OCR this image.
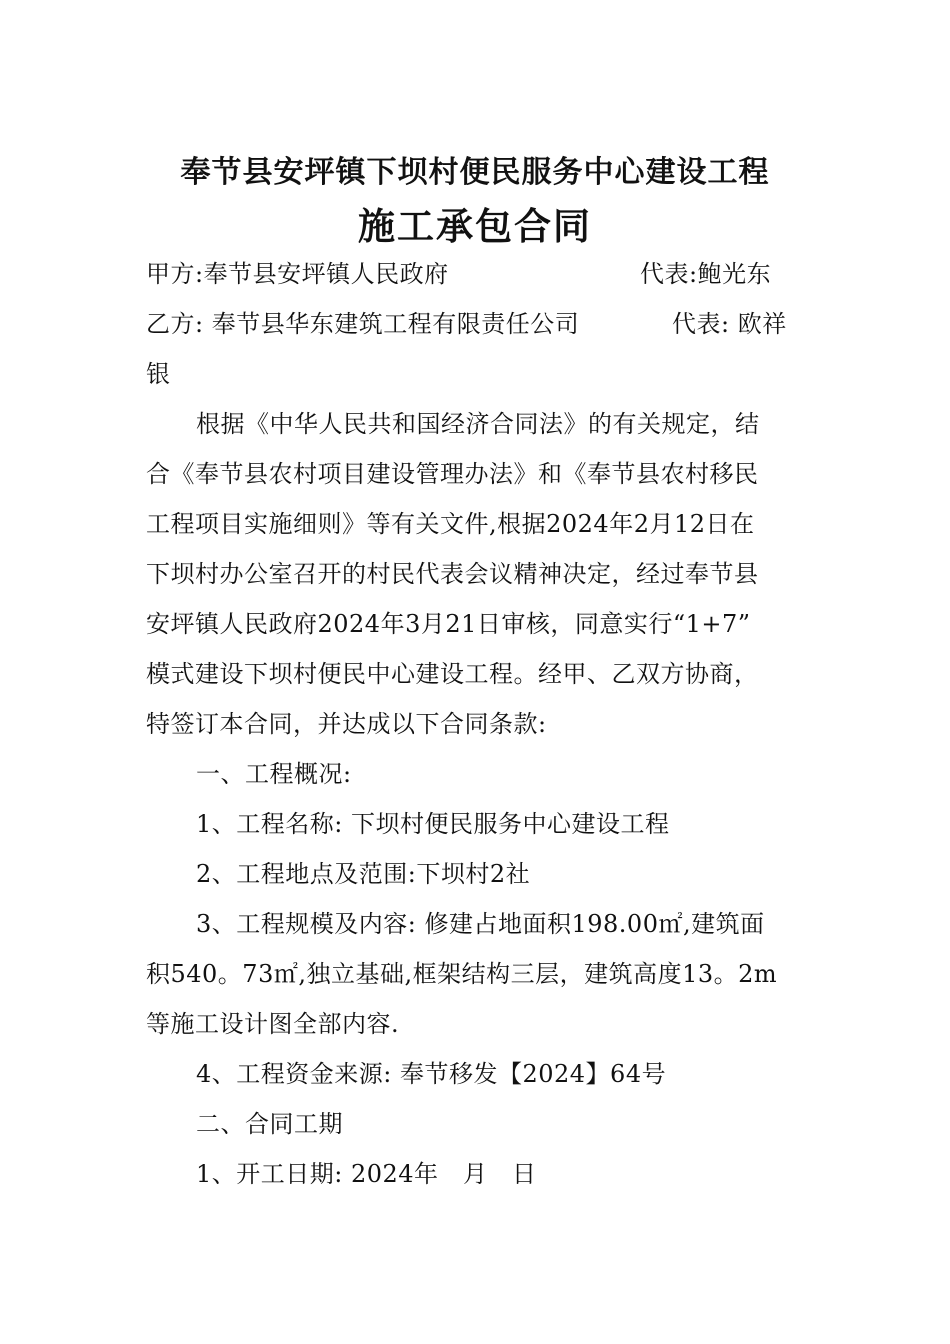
奉节县安坪镇下坝村便民服务中心建设工程
施工承包合同
甲方:奉节县安坪镇人民政府	代表:鲍光东
乙方: 奉节县华东建筑工程有限责任公司	代表: 欧祥
银
根据《中华人民共和国经济合同法》的有关规定，结
合《奉节县农村项目建设管理办法》和《奉节县农村移民
工程项目实施细则》等有关文件,根据2024年2月12日在
下坝村办公室召开的村民代表会议精神决定，经过奉节县
安坪镇人民政府2024年3月21日审核，同意实行“1+7”
模式建设下坝村便民中心建设工程。经甲、乙双方协商，
特签订本合同，并达成以下合同条款:
一、工程概况:
1、工程名称: 下坝村便民服务中心建设工程
2、工程地点及范围:下坝村2社
3、工程规模及内容: 修建占地面积198.00㎡,建筑面
积540。73㎡,独立基础,框架结构三层，建筑高度13。2m
等施工设计图全部内容.
4、工程资金来源: 奉节移发【2024】64号
二、合同工期
1、开工日期: 2024年　月　日
